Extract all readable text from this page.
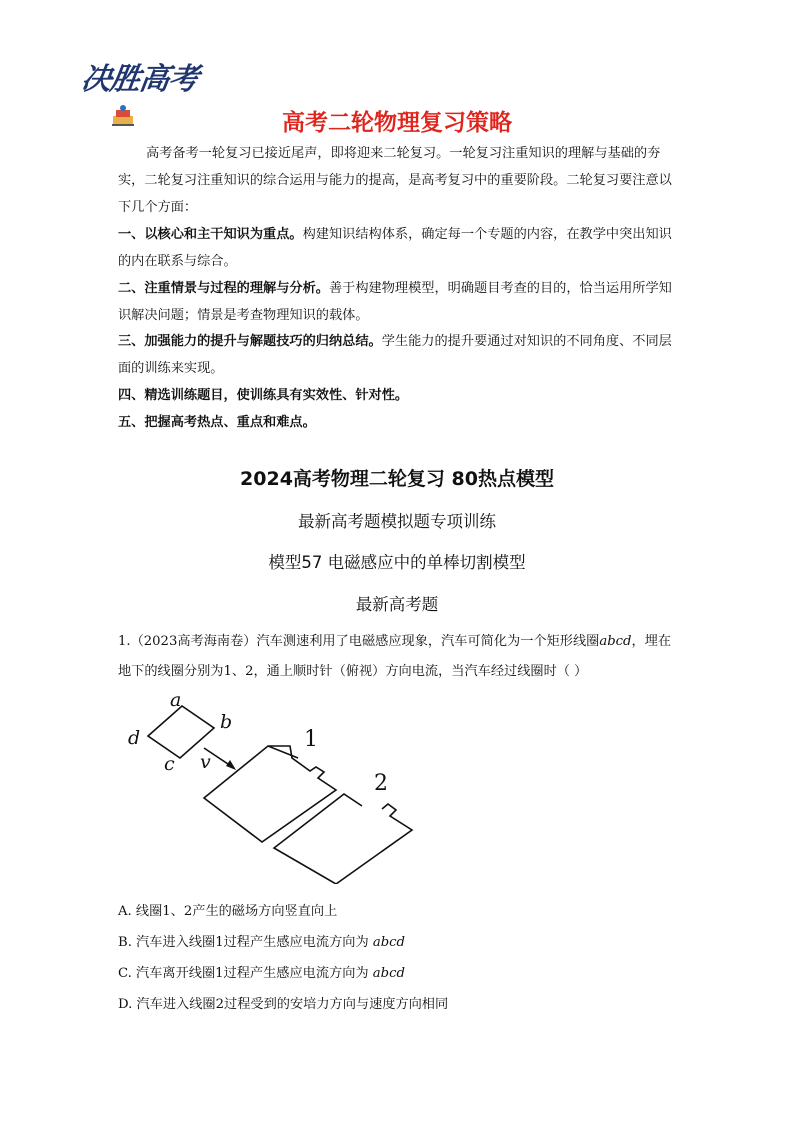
决胜高考
高考二轮物理复习策略

高考备考一轮复习已接近尾声，即将迎来二轮复习。一轮复习注重知识的理解与基础的夯实，二轮复习注重知识的综合运用与能力的提高，是高考复习中的重要阶段。二轮复习要注意以下几个方面：

一、以核心和主干知识为重点。构建知识结构体系，确定每一个专题的内容，在教学中突出知识的内在联系与综合。

二、注重情景与过程的理解与分析。善于构建物理模型，明确题目考查的目的，恰当运用所学知识解决问题；情景是考查物理知识的载体。

三、加强能力的提升与解题技巧的归纳总结。学生能力的提升要通过对知识的不同角度、不同层面的训练来实现。

四、精选训练题目，使训练具有实效性、针对性。

五、把握高考热点、重点和难点。

2024高考物理二轮复习 80热点模型
最新高考题模拟题专项训练
模型57 电磁感应中的单棒切割模型
最新高考题

1.（2023高考海南卷）汽车测速利用了电磁感应现象，汽车可简化为一个矩形线圈abcd，埋在地下的线圈分别为1、2，通上顺时针（俯视）方向电流，当汽车经过线圈时（ ）

a
b
c
d
v
1
2
A. 线圈1、2产生的磁场方向竖直向上
B. 汽车进入线圈1过程产生感应电流方向为 abcd
C. 汽车离开线圈1过程产生感应电流方向为 abcd
D. 汽车进入线圈2过程受到的安培力方向与速度方向相同
